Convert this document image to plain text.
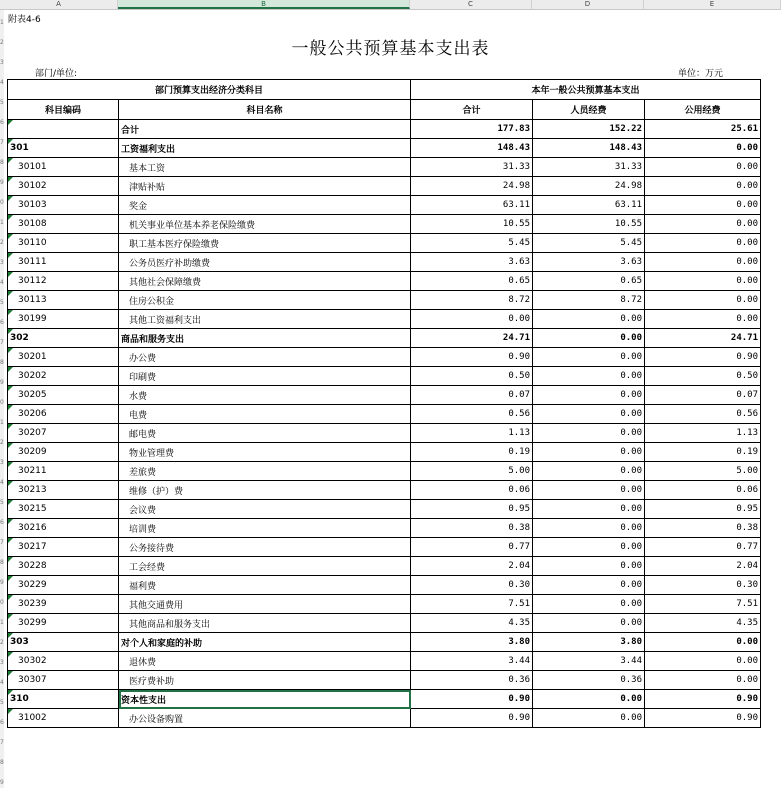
A	B	C	D	E
1
2
3
4
5
6
7
8
9
0
1
2
3
4
5
6
7
8
9
0
1
2
3
4
5
6
7
8
9
0
1
2
3
4
5
6
7
8
9
附表4-6
一般公共预算基本支出表
部门/单位:	单位：万元
部门预算支出经济分类科目		本年一般公共预算基本支出		
科目编码	科目名称	合计	人员经费	公用经费
	合计	177.83	152.22	25.61
301	工资福利支出	148.43	148.43	0.00
30101	基本工资	31.33	31.33	0.00
30102	津贴补贴	24.98	24.98	0.00
30103	奖金	63.11	63.11	0.00
30108	机关事业单位基本养老保险缴费	10.55	10.55	0.00
30110	职工基本医疗保险缴费	5.45	5.45	0.00
30111	公务员医疗补助缴费	3.63	3.63	0.00
30112	其他社会保障缴费	0.65	0.65	0.00
30113	住房公积金	8.72	8.72	0.00
30199	其他工资福利支出	0.00	0.00	0.00
302	商品和服务支出	24.71	0.00	24.71
30201	办公费	0.90	0.00	0.90
30202	印刷费	0.50	0.00	0.50
30205	水费	0.07	0.00	0.07
30206	电费	0.56	0.00	0.56
30207	邮电费	1.13	0.00	1.13
30209	物业管理费	0.19	0.00	0.19
30211	差旅费	5.00	0.00	5.00
30213	维修（护）费	0.06	0.00	0.06
30215	会议费	0.95	0.00	0.95
30216	培训费	0.38	0.00	0.38
30217	公务接待费	0.77	0.00	0.77
30228	工会经费	2.04	0.00	2.04
30229	福利费	0.30	0.00	0.30
30239	其他交通费用	7.51	0.00	7.51
30299	其他商品和服务支出	4.35	0.00	4.35
303	对个人和家庭的补助	3.80	3.80	0.00
30302	退休费	3.44	3.44	0.00
30307	医疗费补助	0.36	0.36	0.00
310	资本性支出	0.90	0.00	0.90
31002	办公设备购置	0.90	0.00	0.90
